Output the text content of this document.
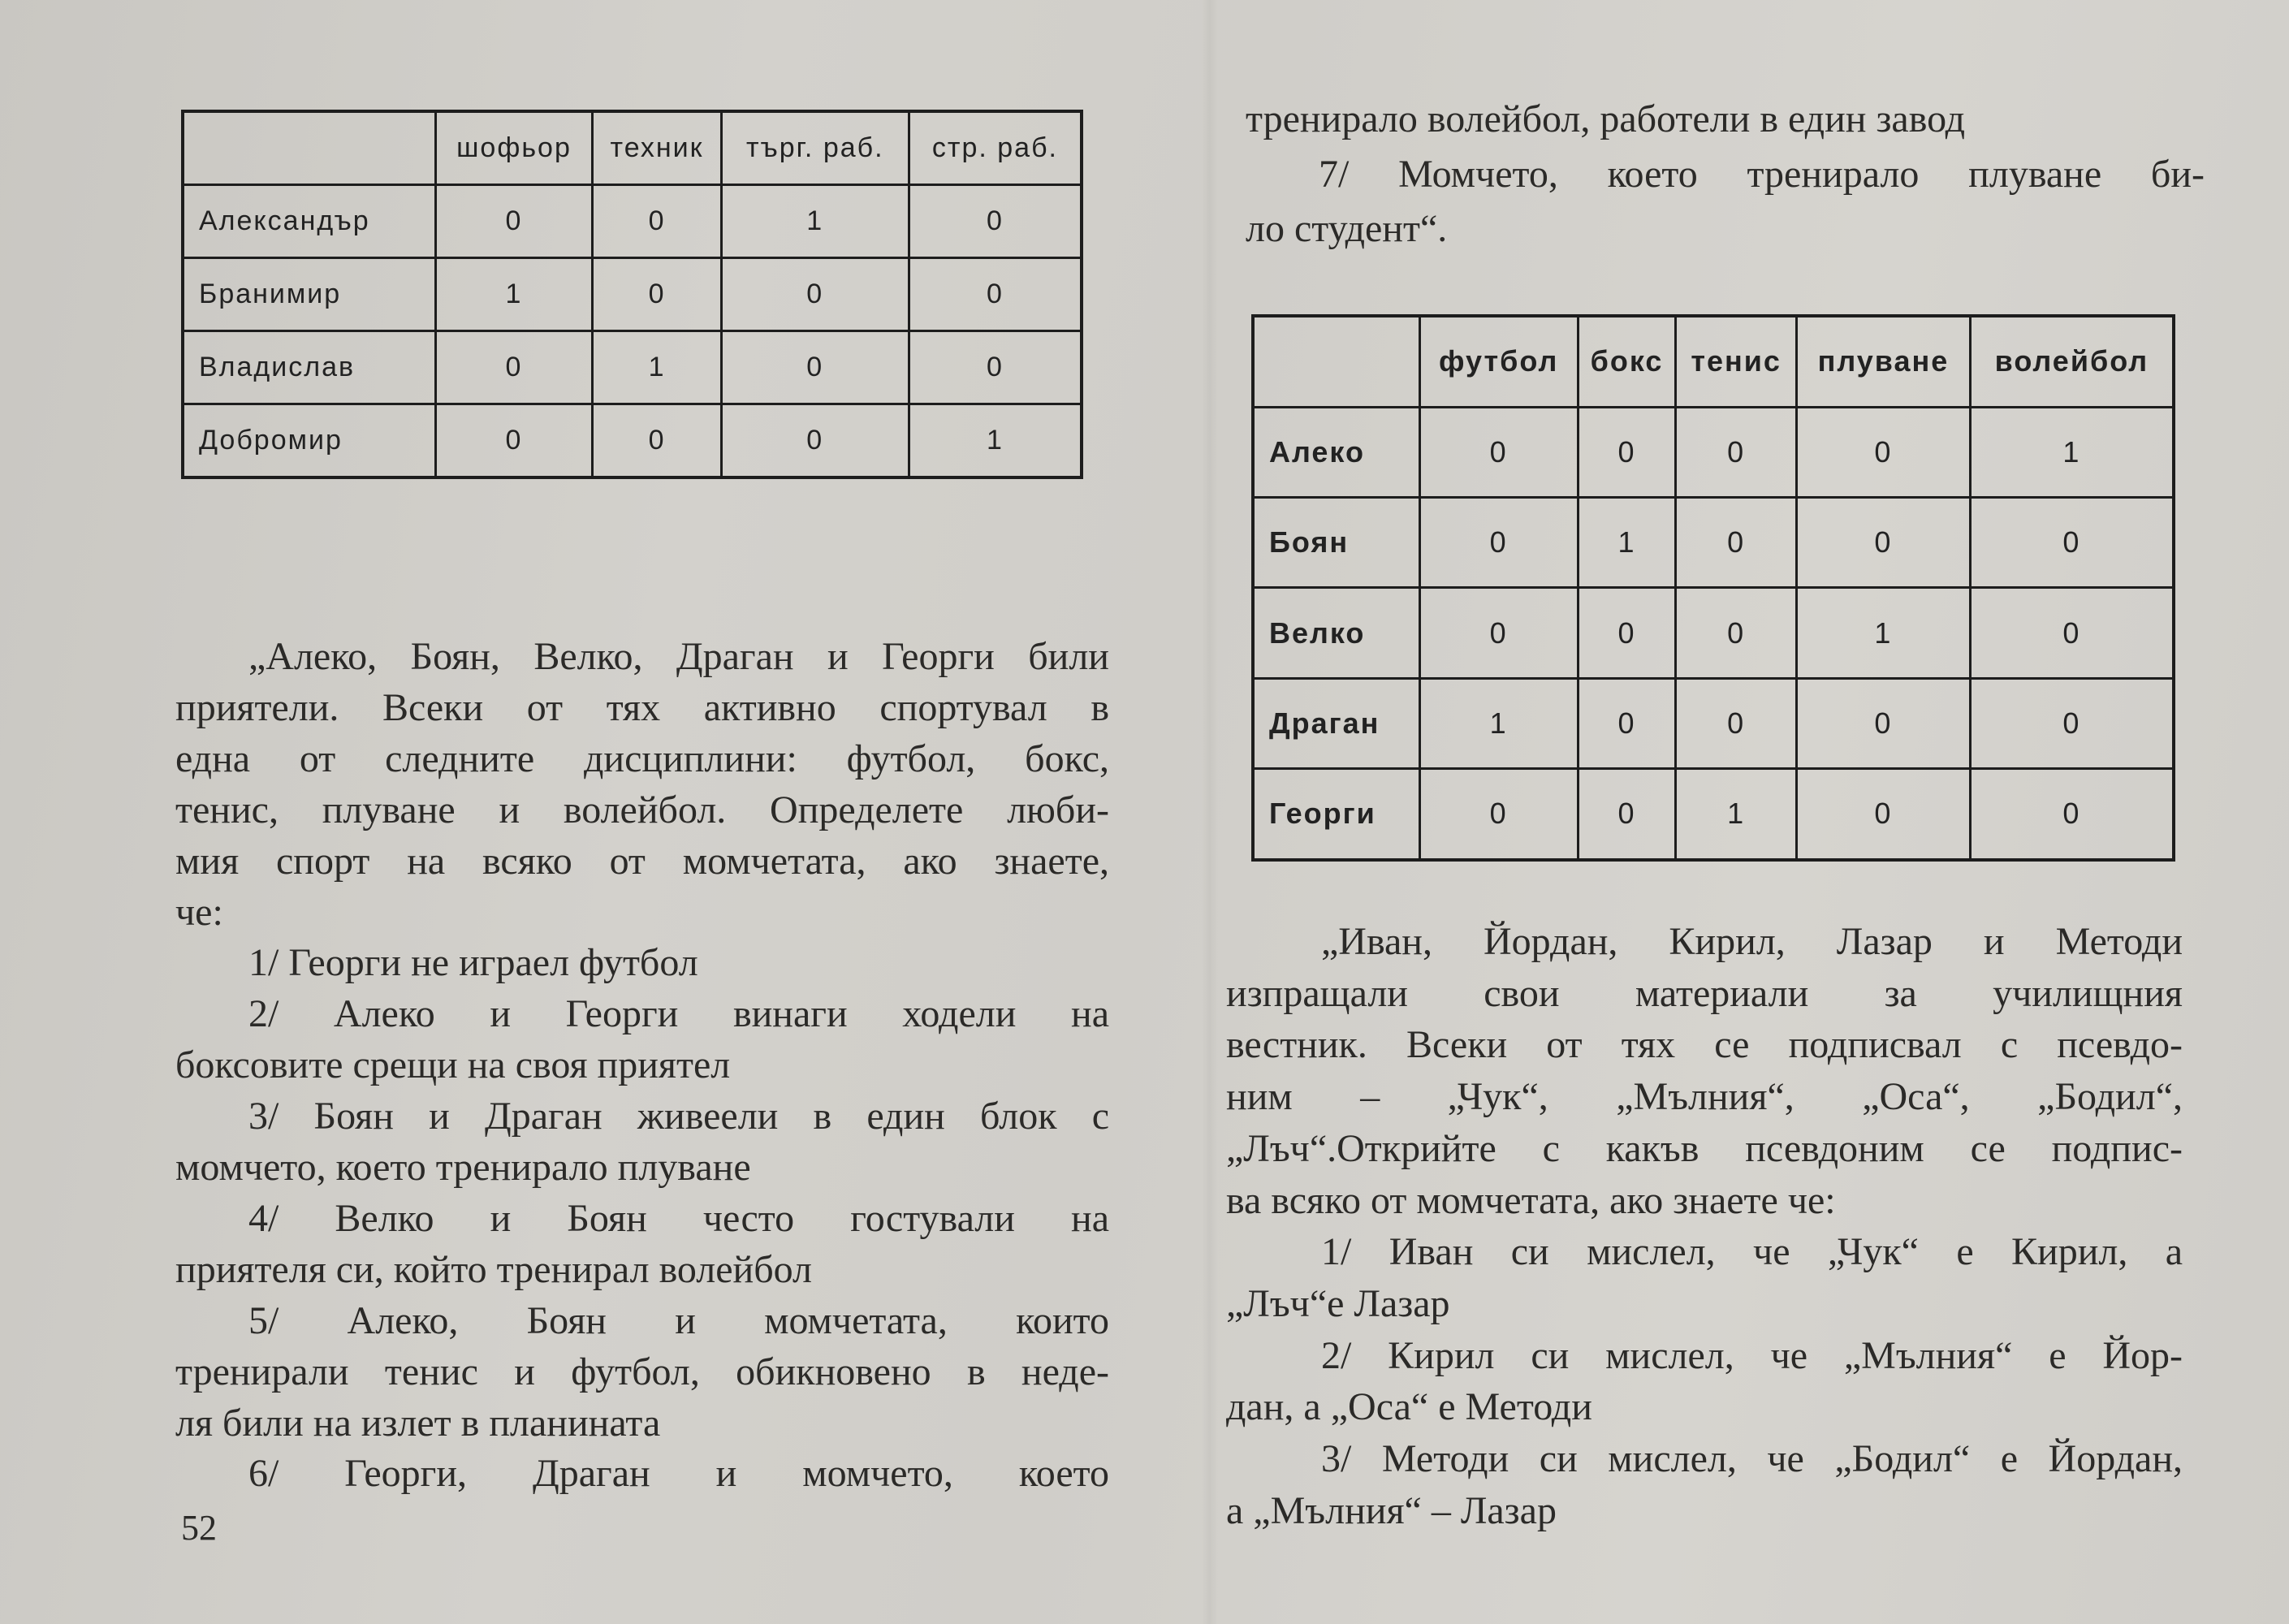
	шофьор	техник	търг. раб.	стр. раб.
Александър	0	0	1	0
Бранимир	1	0	0	0
Владислав	0	1	0	0
Добромир	0	0	0	1
	футбол	бокс	тенис	плуване	волейбол
Алеко	0	0	0	0	1
Боян	0	1	0	0	0
Велко	0	0	0	1	0
Драган	1	0	0	0	0
Георги	0	0	1	0	0
„Алеко, Боян, Велко, Драган и Георги били
приятели. Всеки от тях активно спортувал в
една от следните дисциплини: футбол, бокс,
тенис, плуване и волейбол. Определете люби-
мия спорт на всяко от момчетата, ако знаете,
че:
1/ Георги не играел футбол
2/ Алеко и Георги винаги ходели на
боксовите срещи на своя приятел
3/ Боян и Драган живеели в един блок с
момчето, което тренирало плуване
4/ Велко и Боян често гостували на
приятеля си, който тренирал волейбол
5/ Алеко, Боян и момчетата, които
тренирали тенис и футбол, обикновено в неде-
ля били на излет в планината
6/ Георги, Драган и момчето, което
тренирало волейбол, работели в един завод
7/ Момчето, което тренирало плуване би-
ло студент“.
„Иван, Йордан, Кирил, Лазар и Методи
изпращали свои материали за училищния
вестник. Всеки от тях се подписвал с псевдо-
ним – „Чук“, „Мълния“, „Оса“, „Бодил“,
„Лъч“.Открийте с какъв псевдоним се подпис-
ва всяко от момчетата, ако знаете че:
1/ Иван си мислел, че „Чук“ е Кирил, а
„Лъч“е Лазар
2/ Кирил си мислел, че „Мълния“ е Йор-
дан, а „Оса“ е Методи
3/ Методи си мислел, че „Бодил“ е Йордан,
а „Мълния“ – Лазар
52
